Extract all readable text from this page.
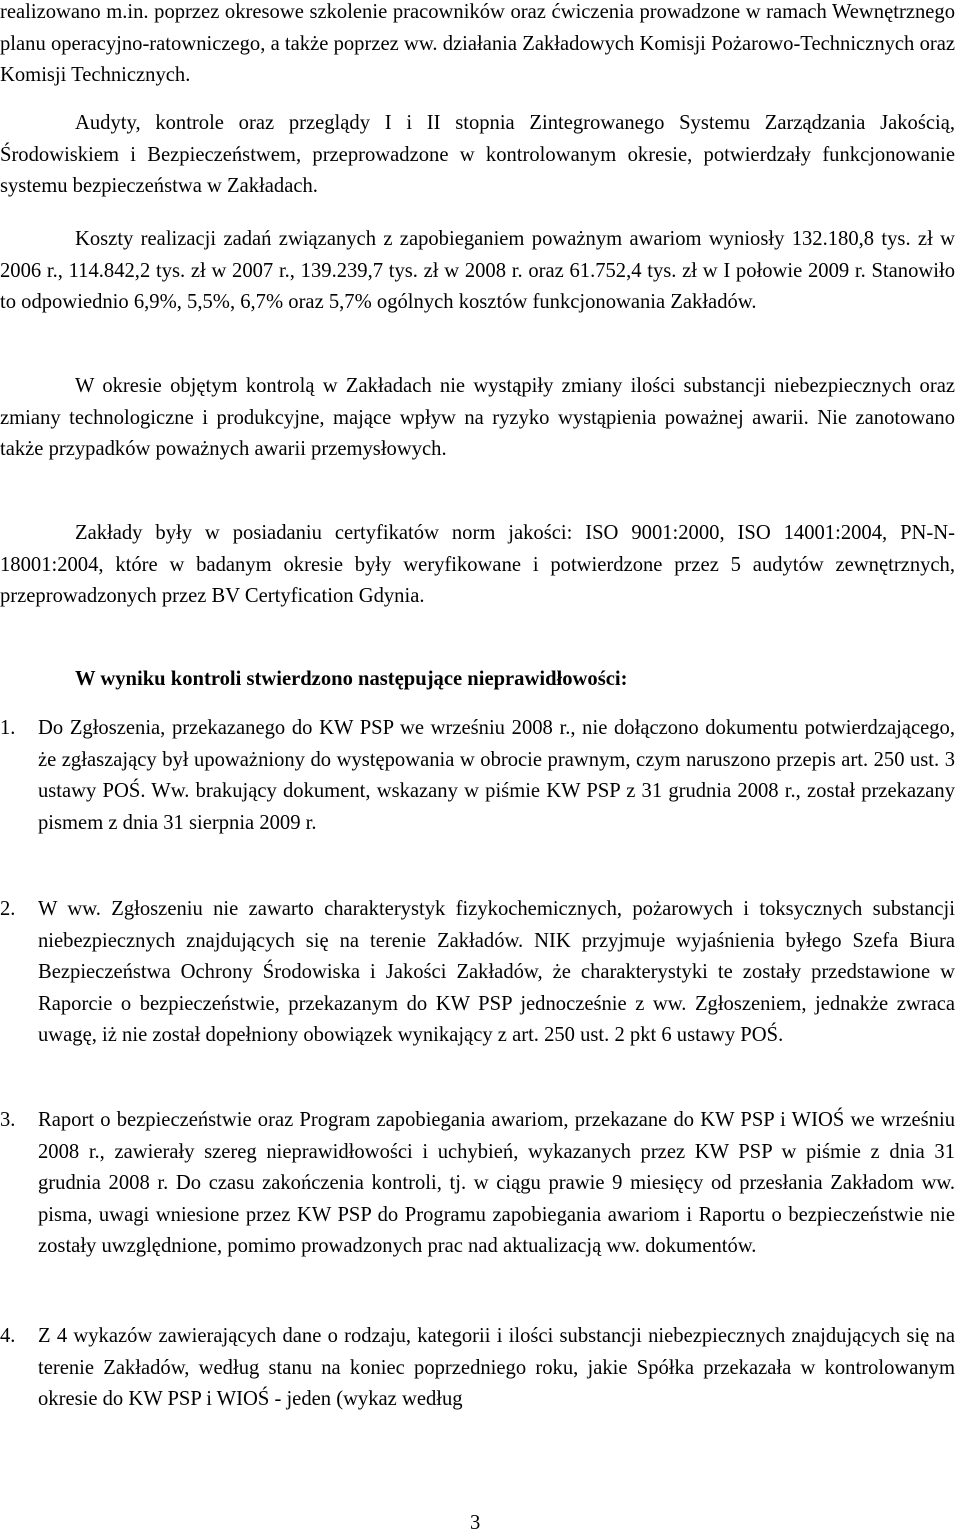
realizowano m.in. poprzez okresowe szkolenie pracowników oraz ćwiczenia prowadzone w ramach Wewnętrznego planu operacyjno-ratowniczego, a także poprzez ww. działania Zakładowych Komisji Pożarowo-Technicznych oraz Komisji Technicznych.

Audyty, kontrole oraz przeglądy I i II stopnia Zintegrowanego Systemu Zarządzania Jakością, Środowiskiem i Bezpieczeństwem, przeprowadzone w kontrolowanym okresie, potwierdzały funkcjonowanie systemu bezpieczeństwa w Zakładach.

Koszty realizacji zadań związanych z zapobieganiem poważnym awariom wyniosły 132.180,8 tys. zł w 2006 r., 114.842,2 tys. zł w 2007 r., 139.239,7 tys. zł w 2008 r. oraz 61.752,4 tys. zł w I połowie 2009 r. Stanowiło to odpowiednio 6,9%, 5,5%, 6,7% oraz 5,7% ogólnych kosztów funkcjonowania Zakładów.

W okresie objętym kontrolą w Zakładach nie wystąpiły zmiany ilości substancji niebezpiecznych oraz zmiany technologiczne i produkcyjne, mające wpływ na ryzyko wystąpienia poważnej awarii. Nie zanotowano także przypadków poważnych awarii przemysłowych.

Zakłady były w posiadaniu certyfikatów norm jakości: ISO 9001:2000, ISO 14001:2004, PN-N-18001:2004, które w badanym okresie były weryfikowane i potwierdzone przez 5 audytów zewnętrznych, przeprowadzonych przez BV Certyfication Gdynia.

W wyniku kontroli stwierdzono następujące nieprawidłowości:

1. Do Zgłoszenia, przekazanego do KW PSP we wrześniu 2008 r., nie dołączono dokumentu potwierdzającego, że zgłaszający był upoważniony do występowania w obrocie prawnym, czym naruszono przepis art. 250 ust. 3 ustawy POŚ. Ww. brakujący dokument, wskazany w piśmie KW PSP z 31 grudnia 2008 r., został przekazany pismem z dnia 31 sierpnia 2009 r.

2. W ww. Zgłoszeniu nie zawarto charakterystyk fizykochemicznych, pożarowych i toksycznych substancji niebezpiecznych znajdujących się na terenie Zakładów. NIK przyjmuje wyjaśnienia byłego Szefa Biura Bezpieczeństwa Ochrony Środowiska i Jakości Zakładów, że charakterystyki te zostały przedstawione w Raporcie o bezpieczeństwie, przekazanym do KW PSP jednocześnie z ww. Zgłoszeniem, jednakże zwraca uwagę, iż nie został dopełniony obowiązek wynikający z art. 250 ust. 2 pkt 6 ustawy POŚ.

3. Raport o bezpieczeństwie oraz Program zapobiegania awariom, przekazane do KW PSP i WIOŚ we wrześniu 2008 r., zawierały szereg nieprawidłowości i uchybień, wykazanych przez KW PSP w piśmie z dnia 31 grudnia 2008 r. Do czasu zakończenia kontroli, tj. w ciągu prawie 9 miesięcy od przesłania Zakładom ww. pisma, uwagi wniesione przez KW PSP do Programu zapobiegania awariom i Raportu o bezpieczeństwie nie zostały uwzględnione, pomimo prowadzonych prac nad aktualizacją ww. dokumentów.

4. Z 4 wykazów zawierających dane o rodzaju, kategorii i ilości substancji niebezpiecznych znajdujących się na terenie Zakładów, według stanu na koniec poprzedniego roku, jakie Spółka przekazała w kontrolowanym okresie do KW PSP i WIOŚ - jeden (wykaz według

3
